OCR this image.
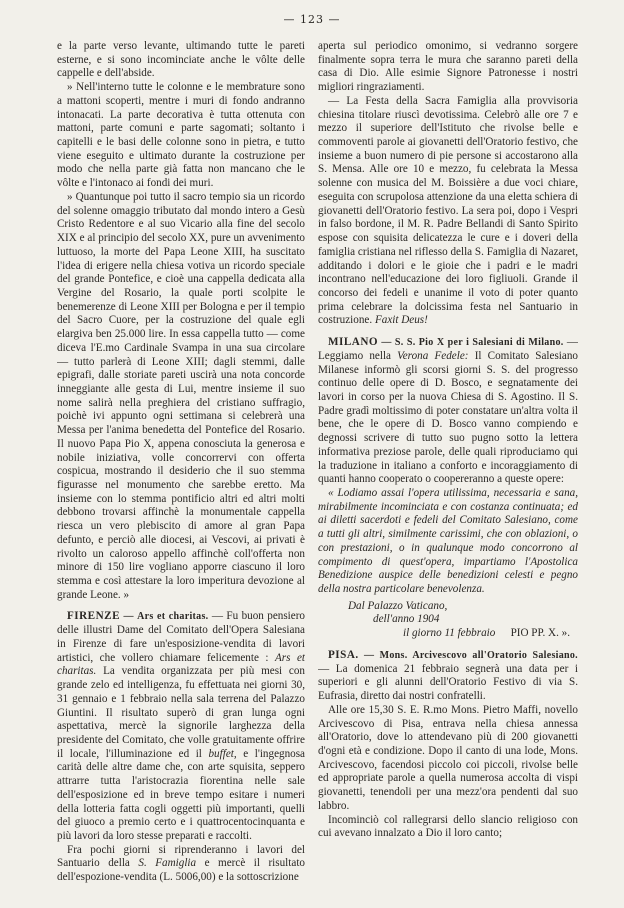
— 123 —

e la parte verso levante, ultimando tutte le pareti esterne, e si sono incominciate anche le vôlte delle cappelle e dell'abside.

» Nell'interno tutte le colonne e le membrature sono a mattoni scoperti, mentre i muri di fondo andranno intonacati. La parte decorativa è tutta ottenuta con mattoni, parte comuni e parte sagomati; soltanto i capitelli e le basi delle colonne sono in pietra, e tutto viene eseguito e ultimato durante la costruzione per modo che nella parte già fatta non mancano che le vôlte e l'intonaco ai fondi dei muri.

» Quantunque poi tutto il sacro tempio sia un ricordo del solenne omaggio tributato dal mondo intero a Gesù Cristo Redentore e al suo Vicario alla fine del secolo XIX e al principio del secolo XX, pure un avvenimento luttuoso, la morte del Papa Leone XIII, ha suscitato l'idea di erigere nella chiesa votiva un ricordo speciale del grande Pontefice, e cioè una cappella dedicata alla Vergine del Rosario, la quale porti scolpite le benemerenze di Leone XIII per Bologna e per il tempio del Sacro Cuore, per la costruzione del quale egli elargiva ben 25.000 lire. In essa cappella tutto — come diceva l'E.mo Cardinale Svampa in una sua circolare — tutto parlerà di Leone XIII; dagli stemmi, dalle epigrafi, dalle storiate pareti uscirà una nota concorde inneggiante alle gesta di Lui, mentre insieme il suo nome salirà nella preghiera del cristiano suffragio, poichè ivi appunto ogni settimana si celebrerà una Messa per l'anima benedetta del Pontefice del Rosario. Il nuovo Papa Pio X, appena conosciuta la generosa e nobile iniziativa, volle concorrervi con offerta cospicua, mostrando il desiderio che il suo stemma figurasse nel monumento che sarebbe eretto. Ma insieme con lo stemma pontificio altri ed altri molti debbono trovarsi affinchè la monumentale cappella riesca un vero plebiscito di amore al gran Papa defunto, e perciò alle diocesi, ai Vescovi, ai privati è rivolto un caloroso appello affinchè coll'offerta non minore di 150 lire vogliano apporre ciascuno il loro stemma e così attestare la loro imperitura devozione al grande Leone. »

FIRENZE — Ars et charitas. — Fu buon pensiero delle illustri Dame del Comitato dell'Opera Salesiana in Firenze di fare un'esposizione-vendita di lavori artistici, che vollero chiamare felicemente : Ars et charitas. La vendita organizzata per più mesi con grande zelo ed intelligenza, fu effettuata nei giorni 30, 31 gennaio e 1 febbraio nella sala terrena del Palazzo Giuntini. Il risultato superò di gran lunga ogni aspettativa, mercè la signorile larghezza della presidente del Comitato, che volle gratuitamente offrire il locale, l'illuminazione ed il buffet, e l'ingegnosa carità delle altre dame che, con arte squisita, seppero attrarre tutta l'aristocrazia fiorentina nelle sale dell'esposizione ed in breve tempo esitare i numeri della lotteria fatta cogli oggetti più importanti, quelli del giuoco a premio certo e i quattrocentocinquanta e più lavori da loro stesse preparati e raccolti.

Fra pochi giorni si riprenderanno i lavori del Santuario della S. Famiglia e mercè il risultato dell'espozione-vendita (L. 5006,00) e la sottoscrizione

aperta sul periodico omonimo, si vedranno sorgere finalmente sopra terra le mura che saranno pareti della casa di Dio. Alle esimie Signore Patronesse i nostri migliori ringraziamenti.

— La Festa della Sacra Famiglia alla provvisoria chiesina titolare riuscì devotissima. Celebrò alle ore 7 e mezzo il superiore dell'Istituto che rivolse belle e commoventi parole ai giovanetti dell'Oratorio festivo, che insieme a buon numero di pie persone si accostarono alla S. Mensa. Alle ore 10 e mezzo, fu celebrata la Messa solenne con musica del M. Boissière a due voci chiare, eseguita con scrupolosa attenzione da una eletta schiera di giovanetti dell'Oratorio festivo. La sera poi, dopo i Vespri in falso bordone, il M. R. Padre Bellandi di Santo Spirito espose con squisita delicatezza le cure e i doveri della famiglia cristiana nel riflesso della S. Famiglia di Nazaret, additando i dolori e le gioie che i padri e le madri incontrano nell'educazione dei loro figliuoli. Grande il concorso dei fedeli e unanime il voto di poter quanto prima celebrare la dolcissima festa nel Santuario in costruzione. Faxit Deus!

MILANO — S. S. Pio X per i Salesiani di Milano. — Leggiamo nella Verona Fedele: Il Comitato Salesiano Milanese informò gli scorsi giorni S. S. del progresso continuo delle opere di D. Bosco, e segnatamente dei lavori in corso per la nuova Chiesa di S. Agostino. Il S. Padre gradì moltissimo di poter constatare un'altra volta il bene, che le opere di D. Bosco vanno compiendo e degnossi scrivere di tutto suo pugno sotto la lettera informativa preziose parole, delle quali riproduciamo qui la traduzione in italiano a conforto e incoraggiamento di quanti hanno cooperato o coopereranno a queste opere:

« Lodiamo assai l'opera utilissima, necessaria e sana, mirabilmente incominciata e con costanza continuata; ed ai diletti sacerdoti e fedeli del Comitato Salesiano, come a tutti gli altri, similmente carissimi, che con oblazioni, o con prestazioni, o in qualunque modo concorrono al compimento di quest'opera, impartiamo l'Apostolica Benedizione auspice delle benedizioni celesti e pegno della nostra particolare benevolenza.

Dal Palazzo Vaticano,
dell'anno 1904
il giorno 11 febbraio	PIO PP. X. ».

PISA. — Mons. Arcivescovo all'Oratorio Salesiano. — La domenica 21 febbraio segnerà una data per i superiori e gli alunni dell'Oratorio Festivo di via S. Eufrasia, diretto dai nostri confratelli.

Alle ore 15,30 S. E. R.mo Mons. Pietro Maffi, novello Arcivescovo di Pisa, entrava nella chiesa annessa all'Oratorio, dove lo attendevano più di 200 giovanetti d'ogni età e condizione. Dopo il canto di una lode, Mons. Arcivescovo, facendosi piccolo coi piccoli, rivolse belle ed appropriate parole a quella numerosa accolta di vispi giovanetti, tenendoli per una mezz'ora pendenti dal suo labbro.

Incominciò col rallegrarsi dello slancio religioso con cui avevano innalzato a Dio il loro canto;
